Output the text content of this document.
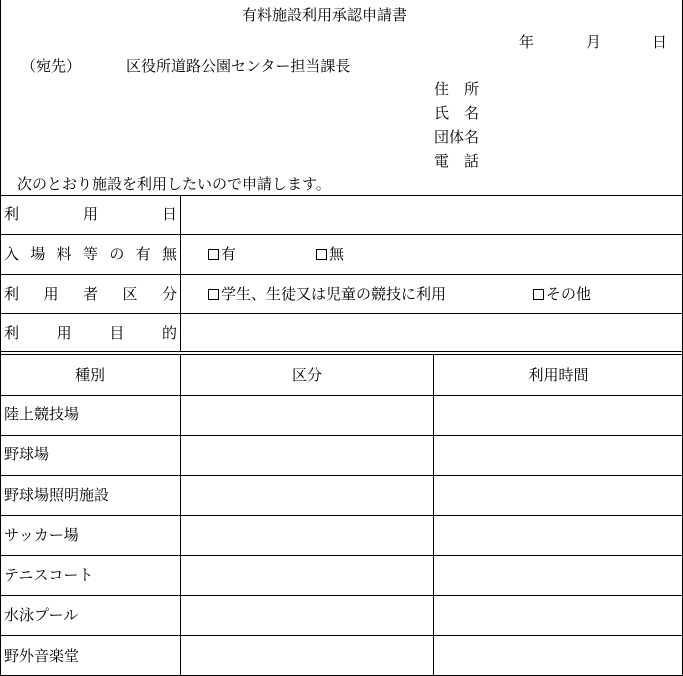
有料施設利用承認申請書
年	月	日
（宛先）	区役所道路公園センター担当課長
住　所
氏　名
団体名
電　話
次のとおり施設を利用したいので申請します。
利	用	日
入 場 料 等 の 有 無	有	無
利 用 者 区 分	学生、生徒又は児童の競技に利用	その他
利	用	目	的
種別	区分	利用時間
陸上競技場
野球場
野球場照明施設
サッカー場
テニスコート
水泳プール
野外音楽堂
